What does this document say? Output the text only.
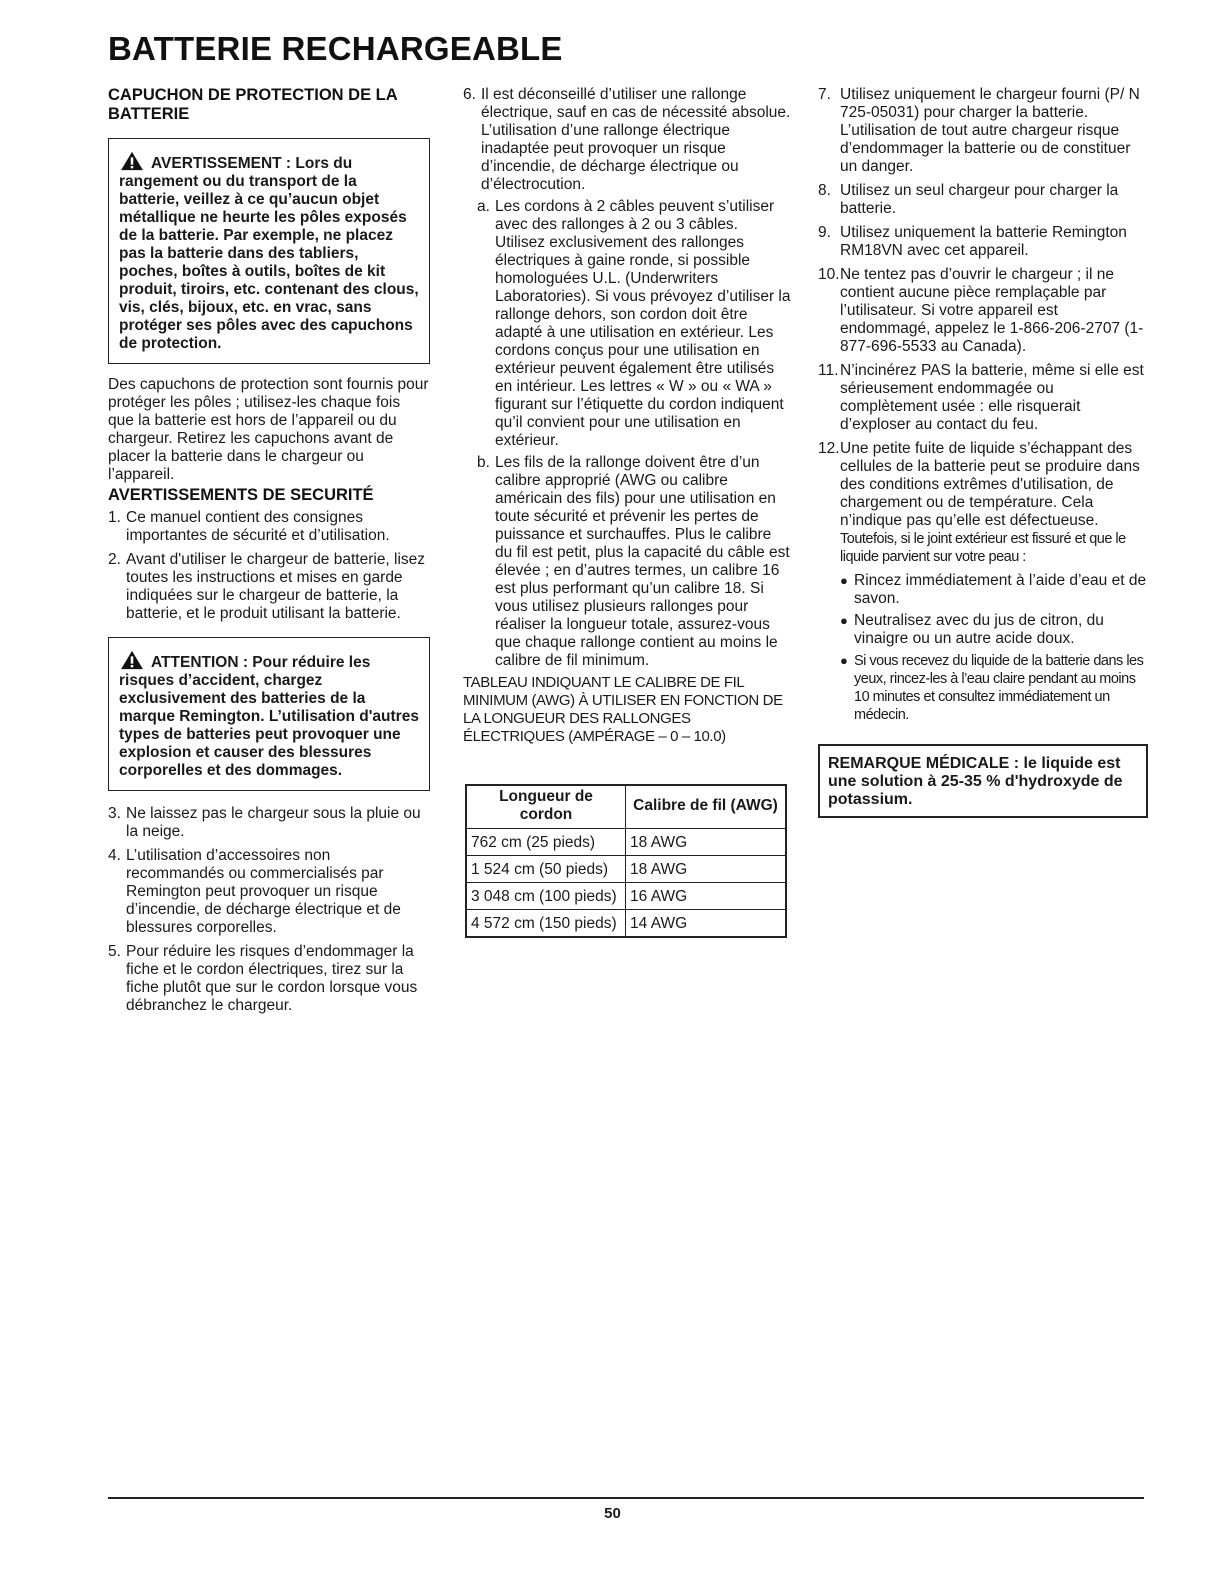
BATTERIE RECHARGEABLE
CAPUCHON DE PROTECTION DE LA BATTERIE
AVERTISSEMENT : Lors du rangement ou du transport de la batterie, veillez à ce qu’aucun objet métallique ne heurte les pôles exposés de la batterie. Par exemple, ne placez pas la batterie dans des tabliers, poches, boîtes à outils, boîtes de kit produit, tiroirs, etc. contenant des clous, vis, clés, bijoux, etc. en vrac, sans protéger ses pôles avec des capuchons de protection.

Des capuchons de protection sont fournis pour protéger les pôles ; utilisez-les chaque fois que la batterie est hors de l’appareil ou du chargeur. Retirez les capuchons avant de placer la batterie dans le chargeur ou l’appareil.

AVERTISSEMENTS DE SECURITÉ
1. Ce manuel contient des consignes importantes de sécurité et d’utilisation.
2. Avant d'utiliser le chargeur de batterie, lisez toutes les instructions et mises en garde indiquées sur le chargeur de batterie, la batterie, et le produit utilisant la batterie.
ATTENTION : Pour réduire les risques d’accident, chargez exclusivement des batteries de la marque Remington. L’utilisation d'autres types de batteries peut provoquer une explosion et causer des blessures corporelles et des dommages.
3. Ne laissez pas le chargeur sous la pluie ou la neige.
4. L’utilisation d’accessoires non recommandés ou commercialisés par Remington peut provoquer un risque d’incendie, de décharge électrique et de blessures corporelles.
5. Pour réduire les risques d’endommager la fiche et le cordon électriques, tirez sur la fiche plutôt que sur le cordon lorsque vous débranchez le chargeur.
6. Il est déconseillé d’utiliser une rallonge électrique, sauf en cas de nécessité absolue. L’utilisation d’une rallonge électrique inadaptée peut provoquer un risque d’incendie, de décharge électrique ou d’électrocution.
a. Les cordons à 2 câbles peuvent s’utiliser avec des rallonges à 2 ou 3 câbles. Utilisez exclusivement des rallonges électriques à gaine ronde, si possible homologuées U.L. (Underwriters Laboratories). Si vous prévoyez d’utiliser la rallonge dehors, son cordon doit être adapté à une utilisation en extérieur. Les cordons conçus pour une utilisation en extérieur peuvent également être utilisés en intérieur. Les lettres « W » ou « WA » figurant sur l’étiquette du cordon indiquent qu’il convient pour une utilisation en extérieur.
b. Les fils de la rallonge doivent être d’un calibre approprié (AWG ou calibre américain des fils) pour une utilisation en toute sécurité et prévenir les pertes de puissance et surchauffes. Plus le calibre du fil est petit, plus la capacité du câble est élevée ; en d’autres termes, un calibre 16 est plus performant qu’un calibre 18. Si vous utilisez plusieurs rallonges pour réaliser la longueur totale, assurez-vous que chaque rallonge contient au moins le calibre de fil minimum.

TABLEAU INDIQUANT LE CALIBRE DE FIL MINIMUM (AWG) À UTILISER EN FONCTION DE LA LONGUEUR DES RALLONGES ÉLECTRIQUES (AMPÉRAGE – 0 – 10.0)

Longueur de cordon	Calibre de fil (AWG)
762 cm (25 pieds)	18 AWG
1 524 cm (50 pieds)	18 AWG
3 048 cm (100 pieds)	16 AWG
4 572 cm (150 pieds)	14 AWG
7. Utilisez uniquement le chargeur fourni (P/ N 725-05031) pour charger la batterie. L’utilisation de tout autre chargeur risque d’endommager la batterie ou de constituer un danger.
8. Utilisez un seul chargeur pour charger la batterie.
9. Utilisez uniquement la batterie Remington RM18VN avec cet appareil.
10. Ne tentez pas d’ouvrir le chargeur ; il ne contient aucune pièce remplaçable par l’utilisateur. Si votre appareil est endommagé, appelez le 1-866-206-2707 (1-877-696-5533 au Canada).
11. N’incinérez PAS la batterie, même si elle est sérieusement endommagée ou complètement usée : elle risquerait d’exploser au contact du feu.
12. Une petite fuite de liquide s’échappant des cellules de la batterie peut se produire dans des conditions extrêmes d'utilisation, de chargement ou de température. Cela n’indique pas qu’elle est défectueuse. Toutefois, si le joint extérieur est fissuré et que le liquide parvient sur votre peau :
● Rincez immédiatement à l’aide d’eau et de savon.
● Neutralisez avec du jus de citron, du vinaigre ou un autre acide doux.
● Si vous recevez du liquide de la batterie dans les yeux, rincez-les à l’eau claire pendant au moins 10 minutes et consultez immédiatement un médecin.
REMARQUE MÉDICALE : le liquide est une solution à 25-35 % d'hydroxyde de potassium.
50
